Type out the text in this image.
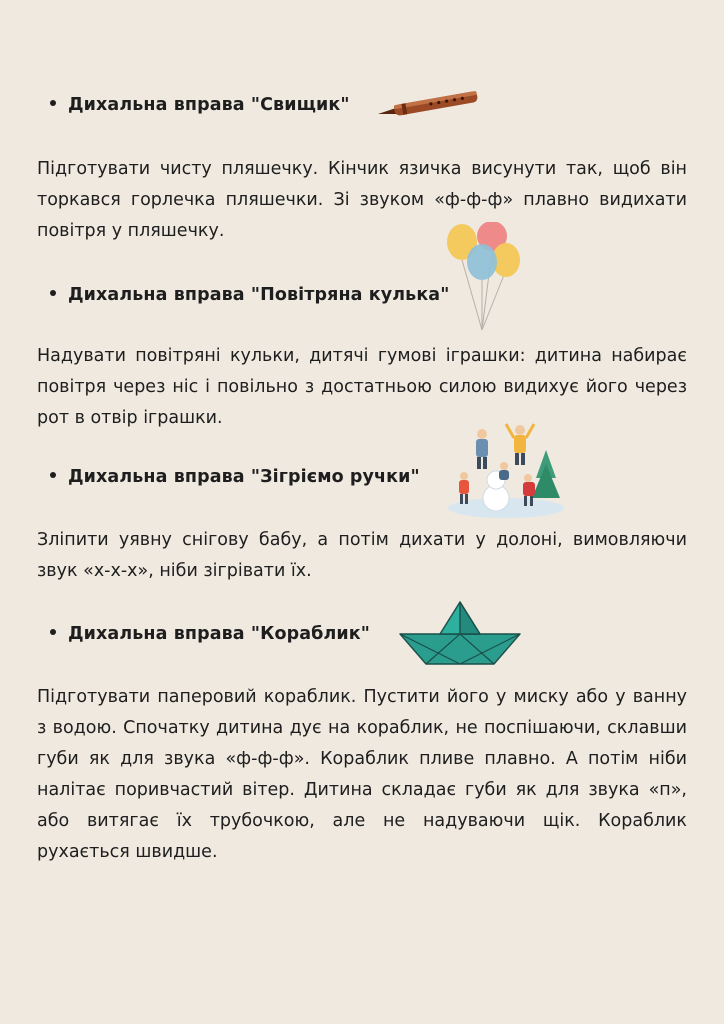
Дихальна вправа "Свищик"
Підготувати чисту пляшечку. Кінчик язичка висунути так, щоб він торкався горлечка пляшечки. Зі звуком «ф-ф-ф» плавно видихати повітря у пляшечку.
Дихальна вправа "Повітряна кулька"
Надувати повітряні кульки, дитячі гумові іграшки: дитина набирає повітря через ніс і повільно з достатньою силою видихує його через рот в отвір іграшки.
Дихальна вправа "Зігріємо ручки"
Зліпити уявну снігову бабу, а потім дихати у долоні, вимовляючи звук «х-х-х», ніби зігрівати їх.
Дихальна вправа "Кораблик"
Підготувати паперовий кораблик. Пустити його у миску або у ванну з водою. Спочатку дитина дує на кораблик, не поспішаючи, склавши губи як для звука «ф-ф-ф». Кораблик пливе плавно. А потім ніби налітає поривчастий вітер. Дитина складає губи як для звука «п», або витягає їх трубочкою, але не надуваючи щік. Кораблик рухається швидше.
